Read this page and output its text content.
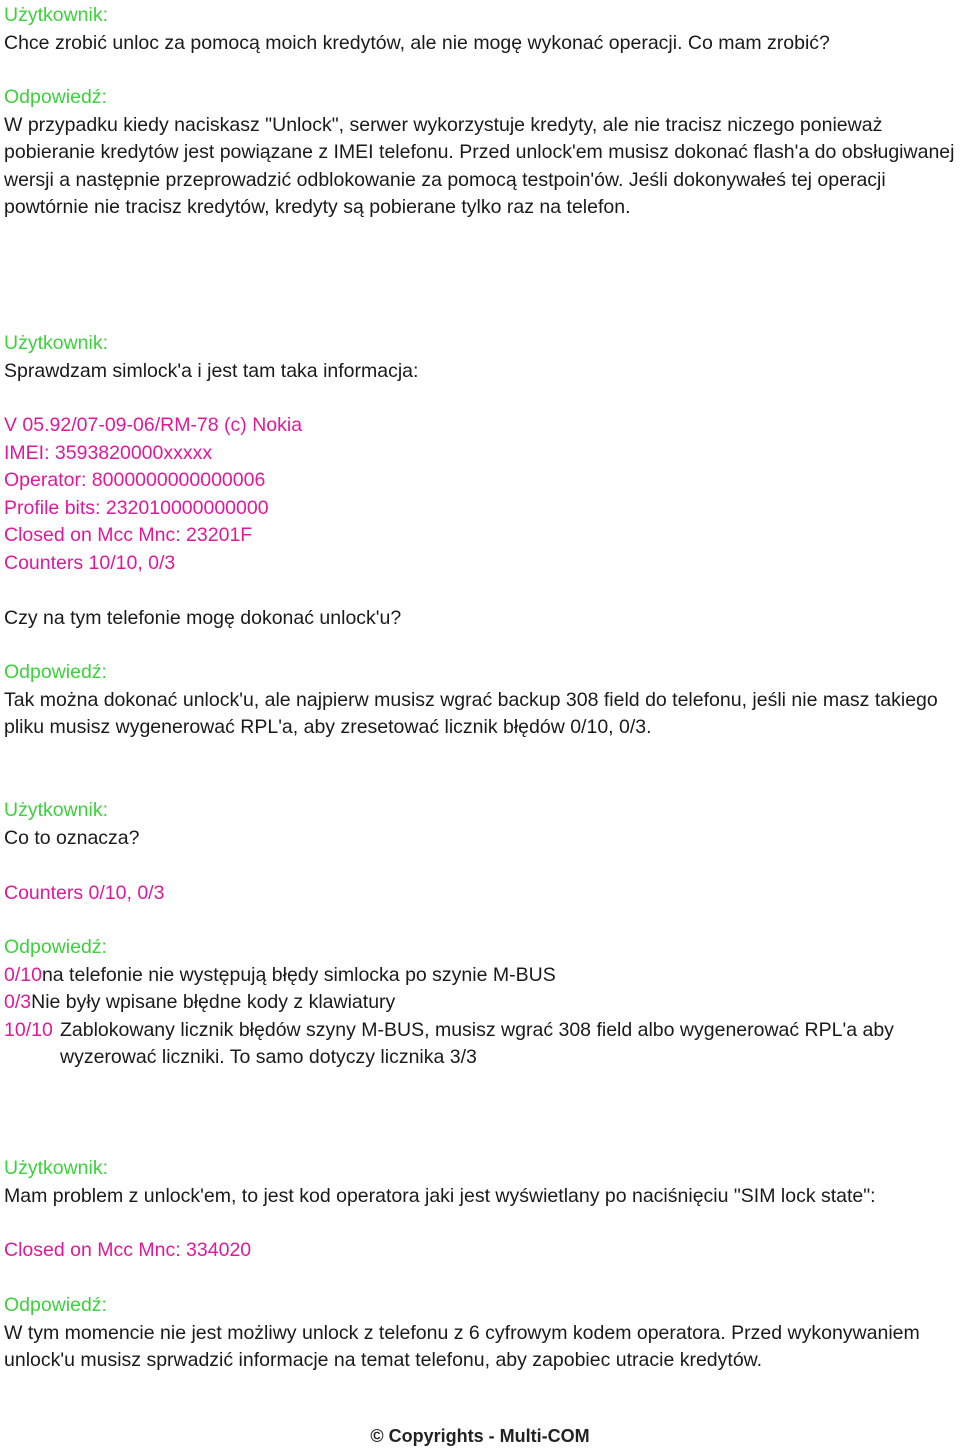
Użytkownik:
Chce zrobić unloc za pomocą moich kredytów, ale nie mogę wykonać operacji. Co mam zrobić?
Odpowiedź:
W przypadku kiedy naciskasz "Unlock", serwer wykorzystuje kredyty, ale nie tracisz niczego ponieważ pobieranie kredytów jest powiązane z IMEI telefonu. Przed unlock'em musisz dokonać flash'a do obsługiwanej wersji a następnie przeprowadzić odblokowanie za pomocą testpoin'ów. Jeśli dokonywałeś tej operacji powtórnie nie tracisz kredytów, kredyty są pobierane tylko raz na telefon.
Użytkownik:
Sprawdzam simlock'a i jest tam taka informacja:
V 05.92/07-09-06/RM-78 (c) Nokia
IMEI: 3593820000xxxxx
Operator: 8000000000000006
Profile bits: 232010000000000
Closed on Mcc Mnc: 23201F
Counters 10/10, 0/3
Czy na tym telefonie mogę dokonać unlock'u?
Odpowiedź:
Tak można dokonać unlock'u, ale najpierw musisz wgrać backup 308 field do telefonu, jeśli nie masz takiego pliku musisz wygenerować RPL'a, aby zresetować licznik błędów 0/10, 0/3.
Użytkownik:
Co to oznacza?
Counters 0/10, 0/3
Odpowiedź:
0/10 na telefonie nie występują błędy simlocka po szynie M-BUS
0/3 Nie były wpisane błędne kody z klawiatury
10/10 Zablokowany licznik błędów szyny M-BUS, musisz wgrać 308 field albo wygenerować RPL'a aby wyzerować liczniki. To samo dotyczy licznika 3/3
Użytkownik:
Mam problem z unlock'em, to jest kod operatora jaki jest wyświetlany po naciśnięciu "SIM lock state":
Closed on Mcc Mnc: 334020
Odpowiedź:
W tym momencie nie jest możliwy unlock z telefonu z 6 cyfrowym kodem operatora. Przed wykonywaniem unlock'u musisz sprwadzić informacje na temat telefonu, aby zapobiec utracie kredytów.
© Copyrights - Multi-COM
